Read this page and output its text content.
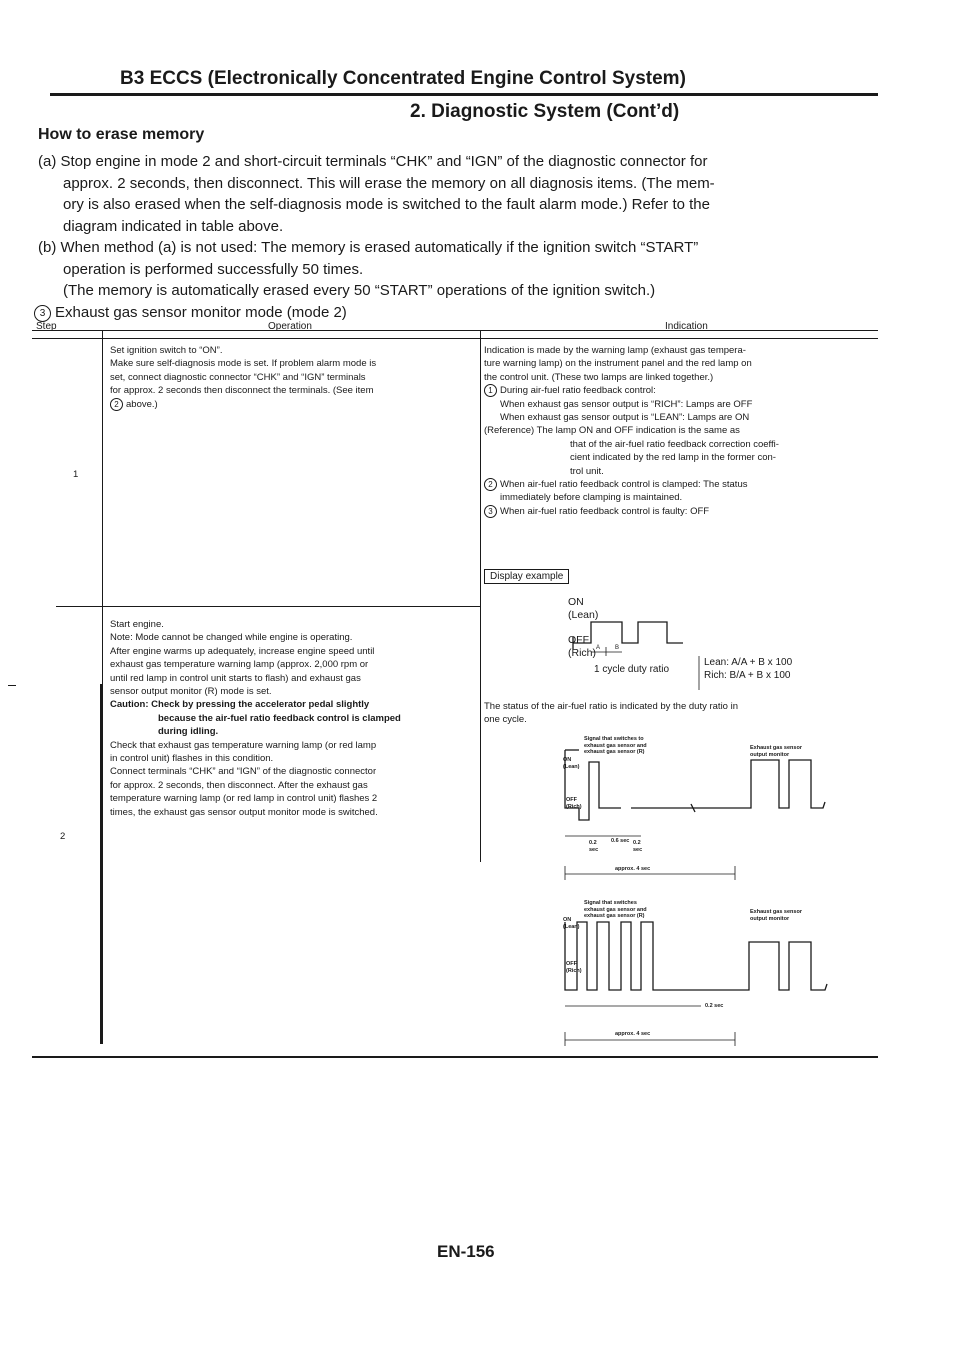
B3 ECCS (Electronically Concentrated Engine Control System)
2. Diagnostic System (Cont’d)
How to erase memory
(a) Stop engine in mode 2 and short-circuit terminals “CHK” and “IGN” of the diagnostic connector for
approx. 2 seconds, then disconnect. This will erase the memory on all diagnosis items. (The mem-
ory is also erased when the self-diagnosis mode is switched to the fault alarm mode.) Refer to the
diagram indicated in table above.
(b) When method (a) is not used: The memory is erased automatically if the ignition switch “START”
operation is performed successfully 50 times.
(The memory is automatically erased every 50 “START” operations of the ignition switch.)
3 Exhaust gas sensor monitor mode (mode 2)
Step	Operation	Indication
1
2
Set ignition switch to “ON”.
Make sure self-diagnosis mode is set. If problem alarm mode is
set, connect diagnostic connector “CHK” and “IGN” terminals
for approx. 2 seconds then disconnect the terminals. (See item
2 above.)
Indication is made by the warning lamp (exhaust gas tempera-
ture warning lamp) on the instrument panel and the red lamp on
the control unit. (These two lamps are linked together.)
1 During air-fuel ratio feedback control:
When exhaust gas sensor output is “RICH”: Lamps are OFF
When exhaust gas sensor output is “LEAN”: Lamps are ON
(Reference) The lamp ON and OFF indication is the same as
that of the air-fuel ratio feedback correction coeffi-
cient indicated by the red lamp in the former con-
trol unit.
2 When air-fuel ratio feedback control is clamped: The status
immediately before clamping is maintained.
3 When air-fuel ratio feedback control is faulty: OFF
Display example
Start engine.
Note: Mode cannot be changed while engine is operating.
After engine warms up adequately, increase engine speed until
exhaust gas temperature warning lamp (approx. 2,000 rpm or
until red lamp in control unit starts to flash) and exhaust gas
sensor output monitor (R) mode is set.
Caution: Check by pressing the accelerator pedal slightly
because the air-fuel ratio feedback control is clamped
during idling.
Check that exhaust gas temperature warning lamp (or red lamp
in control unit) flashes in this condition.
Connect terminals “CHK” and “IGN” of the diagnostic connector
for approx. 2 seconds, then disconnect. After the exhaust gas
temperature warning lamp (or red lamp in control unit) flashes 2
times, the exhaust gas sensor output monitor mode is switched.
ON
(Lean)
OFF
(Rich) A B
1 cycle duty ratio
Lean: A/A + B x 100
Rich: B/A + B x 100
The status of the air-fuel ratio is indicated by the duty ratio in
one cycle.
Signal that switches to
exhaust gas sensor and
exhaust gas sensor (R)
Exhaust gas sensor
output monitor
ON
(Lean)
OFF
(Rich)
0.2
sec
0.6 sec 0.2
sec
approx. 4 sec
Signal that switches
exhaust gas sensor and
exhaust gas sensor (R)
Exhaust gas sensor
output monitor
ON
(Lean)
OFF
(Rich)
0.2 sec
approx. 4 sec
EN-156
